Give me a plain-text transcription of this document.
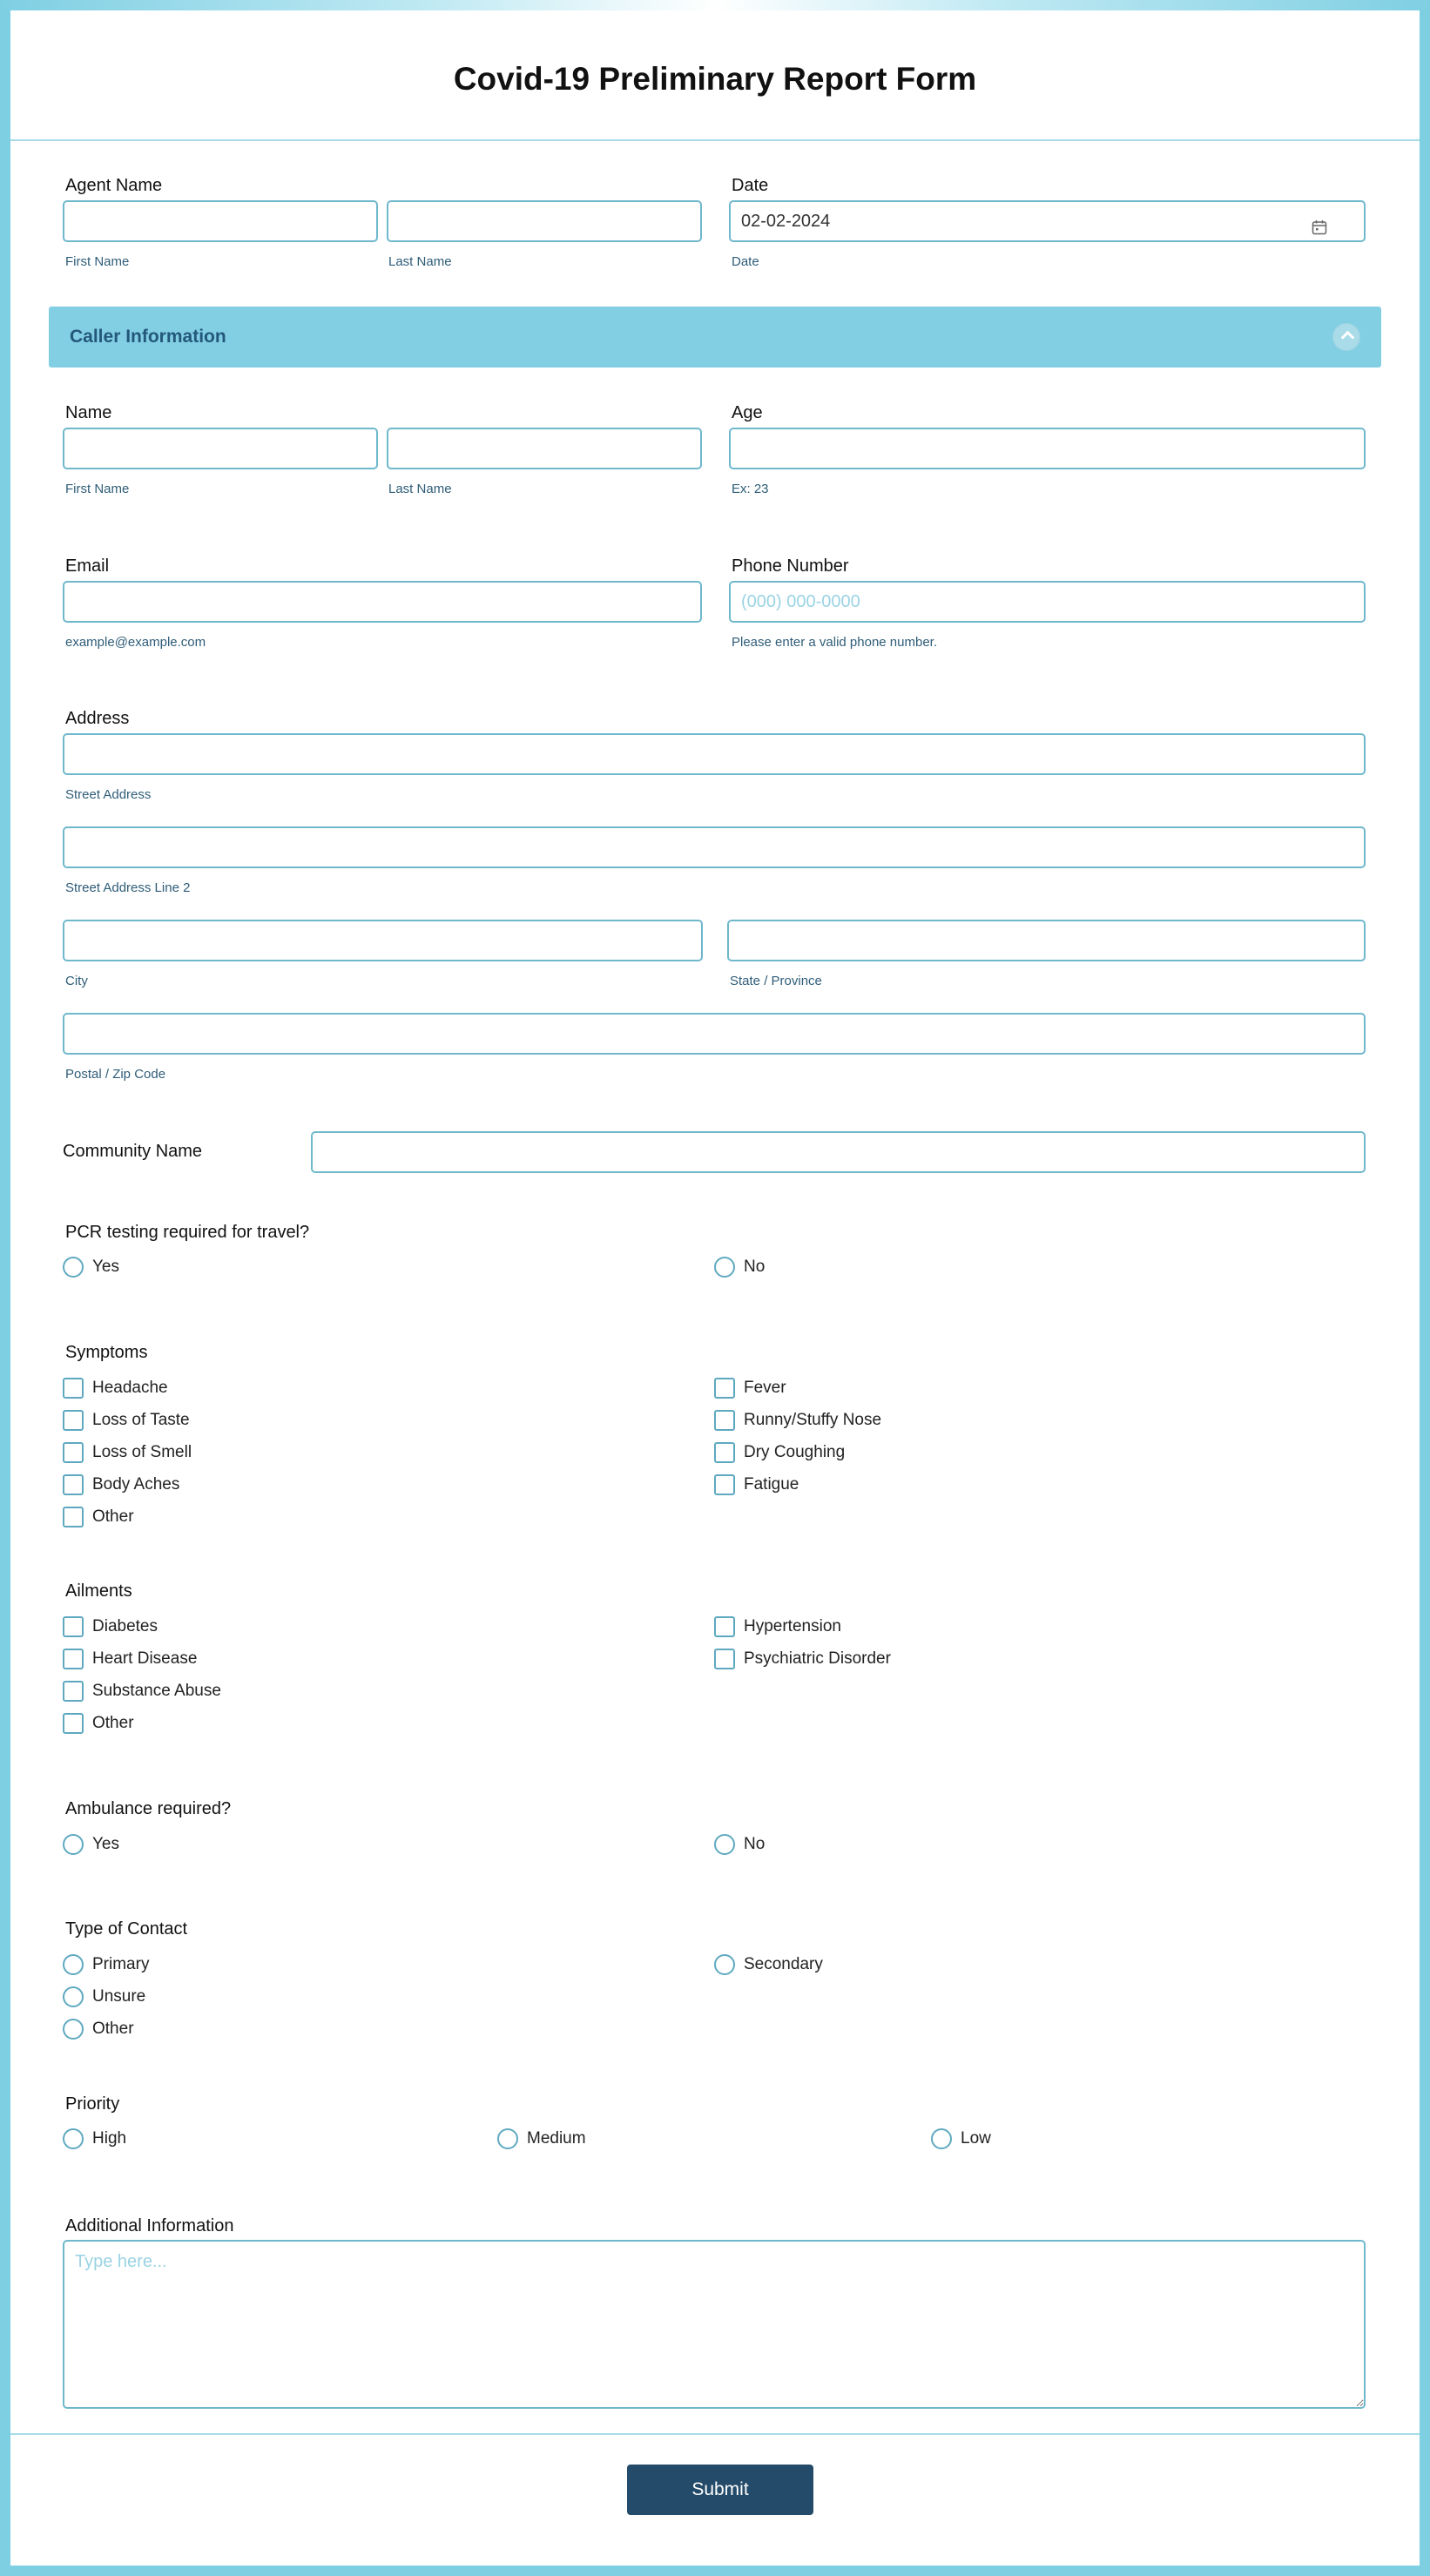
Covid-19 Preliminary Report Form
Agent Name
First Name	Last Name
Date
02-02-2024
Date
Caller Information
Name
First Name	Last Name
Age
Ex: 23
Email
example@example.com
Phone Number
(000) 000-0000
Please enter a valid phone number.
Address
Street Address
Street Address Line 2
City	State / Province
Postal / Zip Code
Community Name
PCR testing required for travel?
Yes	No
Symptoms
Headache	Fever
Loss of Taste	Runny/Stuffy Nose
Loss of Smell	Dry Coughing
Body Aches	Fatigue
Other
Ailments
Diabetes	Hypertension
Heart Disease	Psychiatric Disorder
Substance Abuse
Other
Ambulance required?
Yes	No
Type of Contact
Primary	Secondary
Unsure
Other
Priority
High	Medium	Low
Additional Information
Type here...
Submit
